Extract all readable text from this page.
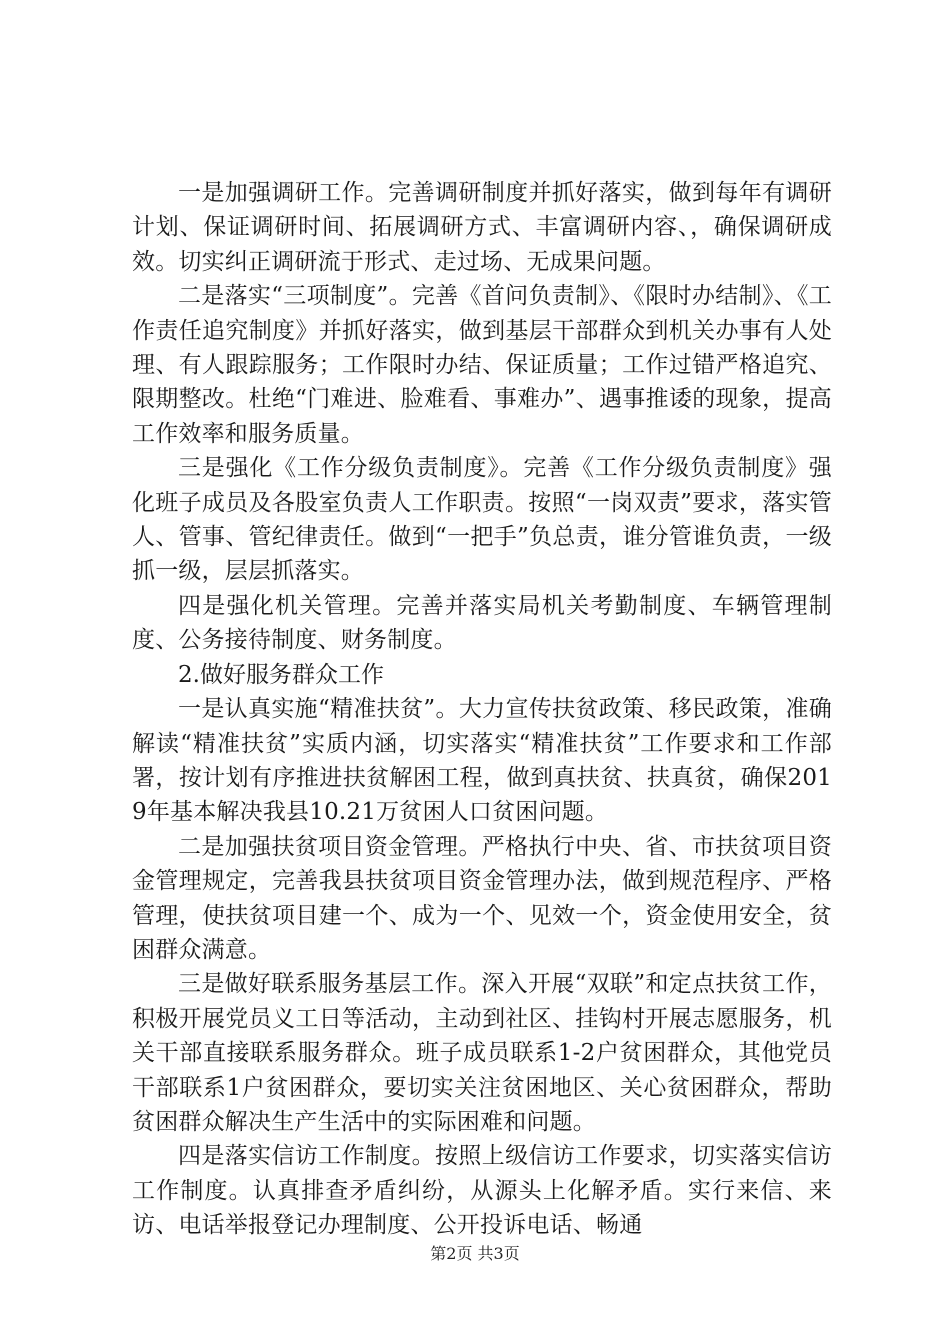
一是加强调研工作。完善调研制度并抓好落实，做到每年有调研计划、保证调研时间、拓展调研方式、丰富调研内容、，确保调研成效。切实纠正调研流于形式、走过场、无成果问题。

二是落实“三项制度”。完善《首问负责制》、《限时办结制》、《工作责任追究制度》并抓好落实，做到基层干部群众到机关办事有人处理、有人跟踪服务；工作限时办结、保证质量；工作过错严格追究、限期整改。杜绝“门难进、脸难看、事难办”、遇事推诿的现象，提高工作效率和服务质量。

三是强化《工作分级负责制度》。完善《工作分级负责制度》强化班子成员及各股室负责人工作职责。按照“一岗双责”要求，落实管人、管事、管纪律责任。做到“一把手”负总责，谁分管谁负责，一级抓一级，层层抓落实。

四是强化机关管理。完善并落实局机关考勤制度、车辆管理制度、公务接待制度、财务制度。

2.做好服务群众工作

一是认真实施“精准扶贫”。大力宣传扶贫政策、移民政策，准确解读“精准扶贫”实质内涵，切实落实“精准扶贫”工作要求和工作部署，按计划有序推进扶贫解困工程，做到真扶贫、扶真贫，确保2019年基本解决我县10.21万贫困人口贫困问题。

二是加强扶贫项目资金管理。严格执行中央、省、市扶贫项目资金管理规定，完善我县扶贫项目资金管理办法，做到规范程序、严格管理，使扶贫项目建一个、成为一个、见效一个，资金使用安全，贫困群众满意。

三是做好联系服务基层工作。深入开展“双联”和定点扶贫工作，积极开展党员义工日等活动，主动到社区、挂钩村开展志愿服务，机关干部直接联系服务群众。班子成员联系1-2户贫困群众，其他党员干部联系1户贫困群众，要切实关注贫困地区、关心贫困群众，帮助贫困群众解决生产生活中的实际困难和问题。

四是落实信访工作制度。按照上级信访工作要求，切实落实信访工作制度。认真排查矛盾纠纷，从源头上化解矛盾。实行来信、来访、电话举报登记办理制度、公开投诉电话、畅通

第2页 共3页
